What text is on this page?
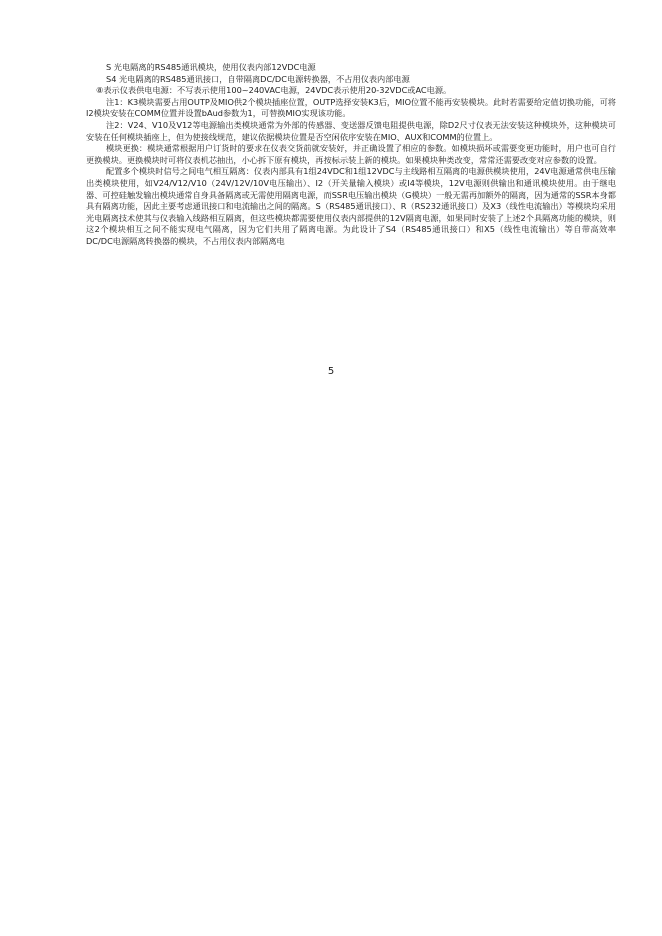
S 光电隔离的RS485通讯模块，使用仪表内部12VDC电源
S4 光电隔离的RS485通讯接口，自带隔离DC/DC电源转换器，不占用仪表内部电源
⑧表示仪表供电电源：不写表示使用100~240VAC电源，24VDC表示使用20-32VDC或AC电源。

注1：K3模块需要占用OUTP及MIO供2个模块插座位置，OUTP选择安装K3后，MIO位置不能再安装模块。此时若需要给定值切换功能，可将I2模块安装在COMM位置并设置bAud参数为1，可替换MIO实现该功能。

注2：V24、V10及V12等电源输出类模块通常为外部的传感器、变送器反馈电阻提供电源，除D2尺寸仪表无法安装这种模块外，这种模块可安装在任何模块插座上，但为使接线规范，建议依据模块位置是否空闲依序安装在MIO、AUX和COMM的位置上。

模块更换：模块通常根据用户订货时的要求在仪表交货前就安装好，并正确设置了相应的参数。如模块损坏或需要变更功能时，用户也可自行更换模块。更换模块时可将仪表机芯抽出，小心拆下原有模块，再按标示装上新的模块。如果模块种类改变，常常还需要改变对应参数的设置。

配置多个模块时信号之间电气相互隔离：仪表内部具有1组24VDC和1组12VDC与主线路相互隔离的电源供模块使用，24V电源通常供电压输出类模块使用，如V24/V12/V10（24V/12V/10V电压输出）、I2（开关量输入模块）或I4等模块，12V电源则供输出和通讯模块使用。由于继电器、可控硅触发输出模块通常自身具备隔离或无需使用隔离电源，而SSR电压输出模块（G模块）一般无需再加额外的隔离，因为通常的SSR本身都具有隔离功能，因此主要考虑通讯接口和电流输出之间的隔离。S（RS485通讯接口）、R（RS232通讯接口）及X3（线性电流输出）等模块均采用光电隔离技术使其与仪表输入线路相互隔离，但这些模块都需要使用仪表内部提供的12V隔离电源，如果同时安装了上述2个具隔离功能的模块，则这2个模块相互之间不能实现电气隔离，因为它们共用了隔离电源。为此设计了S4（RS485通讯接口）和X5（线性电流输出）等自带高效率DC/DC电源隔离转换器的模块，不占用仪表内部隔离电

5
